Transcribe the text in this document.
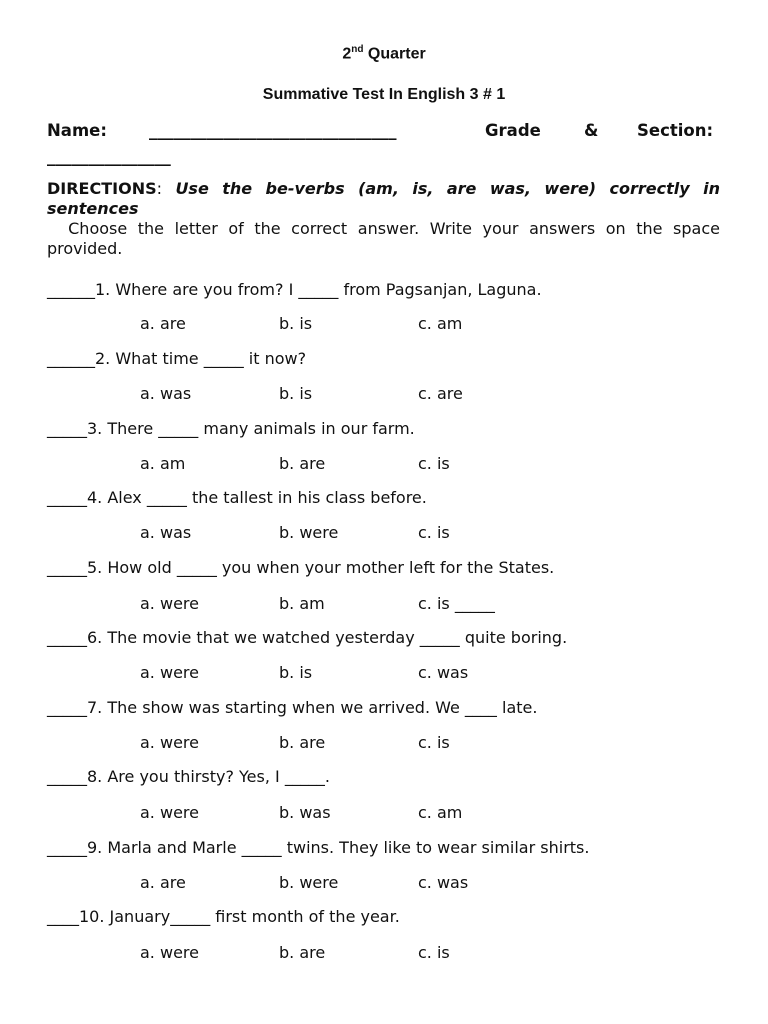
2nd Quarter
Summative Test In English 3 # 1
Name:	______________________________	Grade	& Section:
_______________
DIRECTIONS: Use the be-verbs (am, is, are was, were) correctly in sentences
Choose the letter of the correct answer. Write your answers on the space provided.
______1. Where are you from? I _____ from Pagsanjan, Laguna.
a. are	b. is	c. am
______2. What time _____ it now?
a. was	b. is	c. are
_____3. There _____ many animals in our farm.
a. am	b. are	c. is
_____4. Alex _____ the tallest in his class before.
a. was	b. were	c. is
_____5. How old _____ you when your mother left for the States.
a. were	b. am	c. is _____
_____6. The movie that we watched yesterday _____ quite boring.
a. were	b. is	c. was
_____7. The show was starting when we arrived. We ____ late.
a. were	b. are	c. is
_____8. Are you thirsty? Yes, I _____.
a. were	b. was	c. am
_____9. Marla and Marle _____ twins. They like to wear similar shirts.
a. are	b. were	c. was
____10. January_____ first month of the year.
a. were	b. are	c. is
